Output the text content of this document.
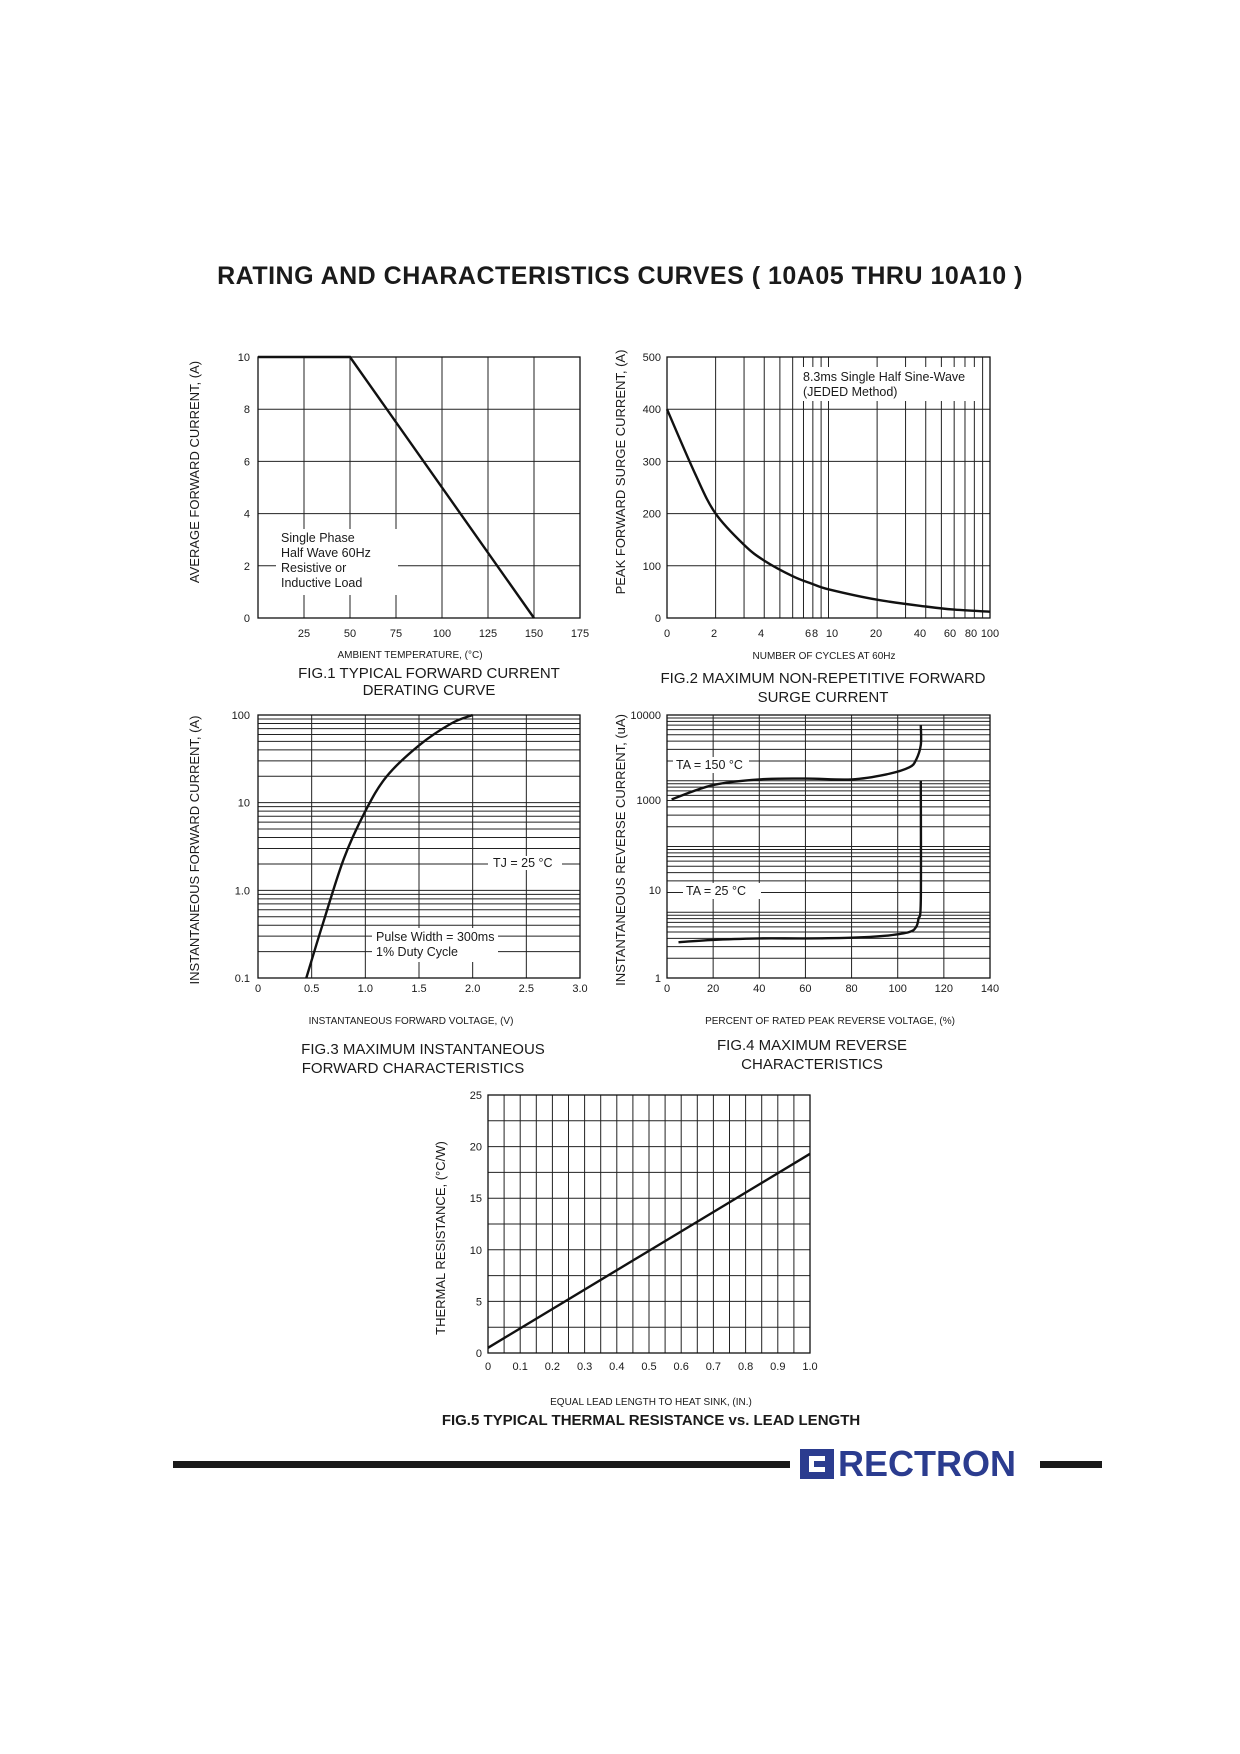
RATING AND CHARACTERISTICS CURVES ( 10A05 THRU 10A10 )
25	50	75	100	125	150	175
0
2
4
6
8
10
AMBIENT TEMPERATURE, (°C)
AVERAGE FORWARD CURRENT, (A)
FIG.1 TYPICAL FORWARD CURRENT
DERATING CURVE
Single Phase
Half Wave 60Hz
Resistive or
Inductive Load
0	2	4	6 8 10	20	40 60 80 100
0
100
200
300
400
500
NUMBER OF CYCLES AT 60Hz
PEAK FORWARD SURGE CURRENT, (A)
FIG.2 MAXIMUM NON-REPETITIVE FORWARD
SURGE CURRENT
8.3ms Single Half Sine-Wave
(JEDED Method)
0	0.5	1.0	1.5	2.0	2.5	3.0
0.1
1.0
10
100
INSTANTANEOUS FORWARD VOLTAGE, (V)
INSTANTANEOUS FORWARD CURRENT, (A)
FIG.3 MAXIMUM INSTANTANEOUS
FORWARD CHARACTERISTICS
TJ = 25 °C
Pulse Width = 300ms
1% Duty Cycle
0	20	40	60	80	100	120	140
1
10
1000
10000
PERCENT OF RATED PEAK REVERSE VOLTAGE, (%)
INSTANTANEOUS REVERSE CURRENT, (uA)
FIG.4 MAXIMUM REVERSE
CHARACTERISTICS
TA = 150 °C
TA = 25 °C
0 0.1 0.2 0.3 0.4 0.5 0.6 0.7 0.8 0.9 1.0
0
5
10
15
20
25
EQUAL LEAD LENGTH TO HEAT SINK, (IN.)
THERMAL RESISTANCE, (°C/W)
FIG.5 TYPICAL THERMAL RESISTANCE vs. LEAD LENGTH
RECTRON
